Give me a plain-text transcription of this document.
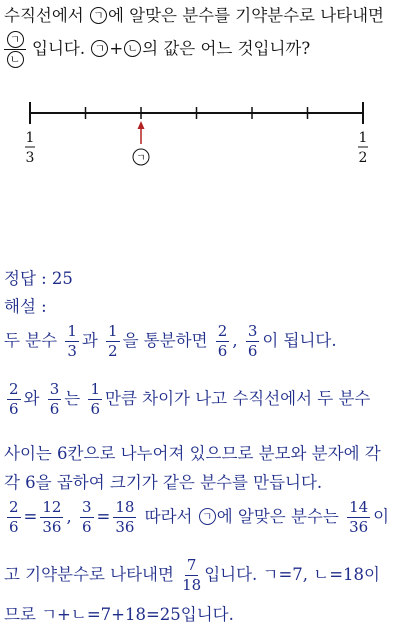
수직선에서 ㄱ 에 알맞은 분수를 기약분수로 나타내면
ㄱ
ㄴ
입니다. ㄱ + ㄴ 의 값은 어느 것입니까?
1
3
1
2
ㄱ
정답 : 25
해설 :
두 분수 $\frac{1}{3}$ 과 $\frac{1}{2}$ 을 통분하면 $\frac{2}{6}$ , $\frac{3}{6}$ 이 됩니다.
$\frac{2}{6}$ 와 $\frac{3}{6}$ 는 $\frac{1}{6}$ 만큼 차이가 나고 수직선에서 두 분수
사이는 6칸으로 나누어져 있으므로 분모와 분자에 각
각 6을 곱하여 크기가 같은 분수를 만듭니다.
$\frac{2}{6} = \frac{12}{36}$ , $\frac{3}{6} = \frac{18}{36}$ 따라서 ㄱ 에 알맞은 분수는 $\frac{14}{36}$ 이
고 기약분수로 나타내면 $\frac{7}{18}$ 입니다. ㄱ=7, ㄴ=18이
므로 ㄱ+ㄴ=7+18=25입니다.
